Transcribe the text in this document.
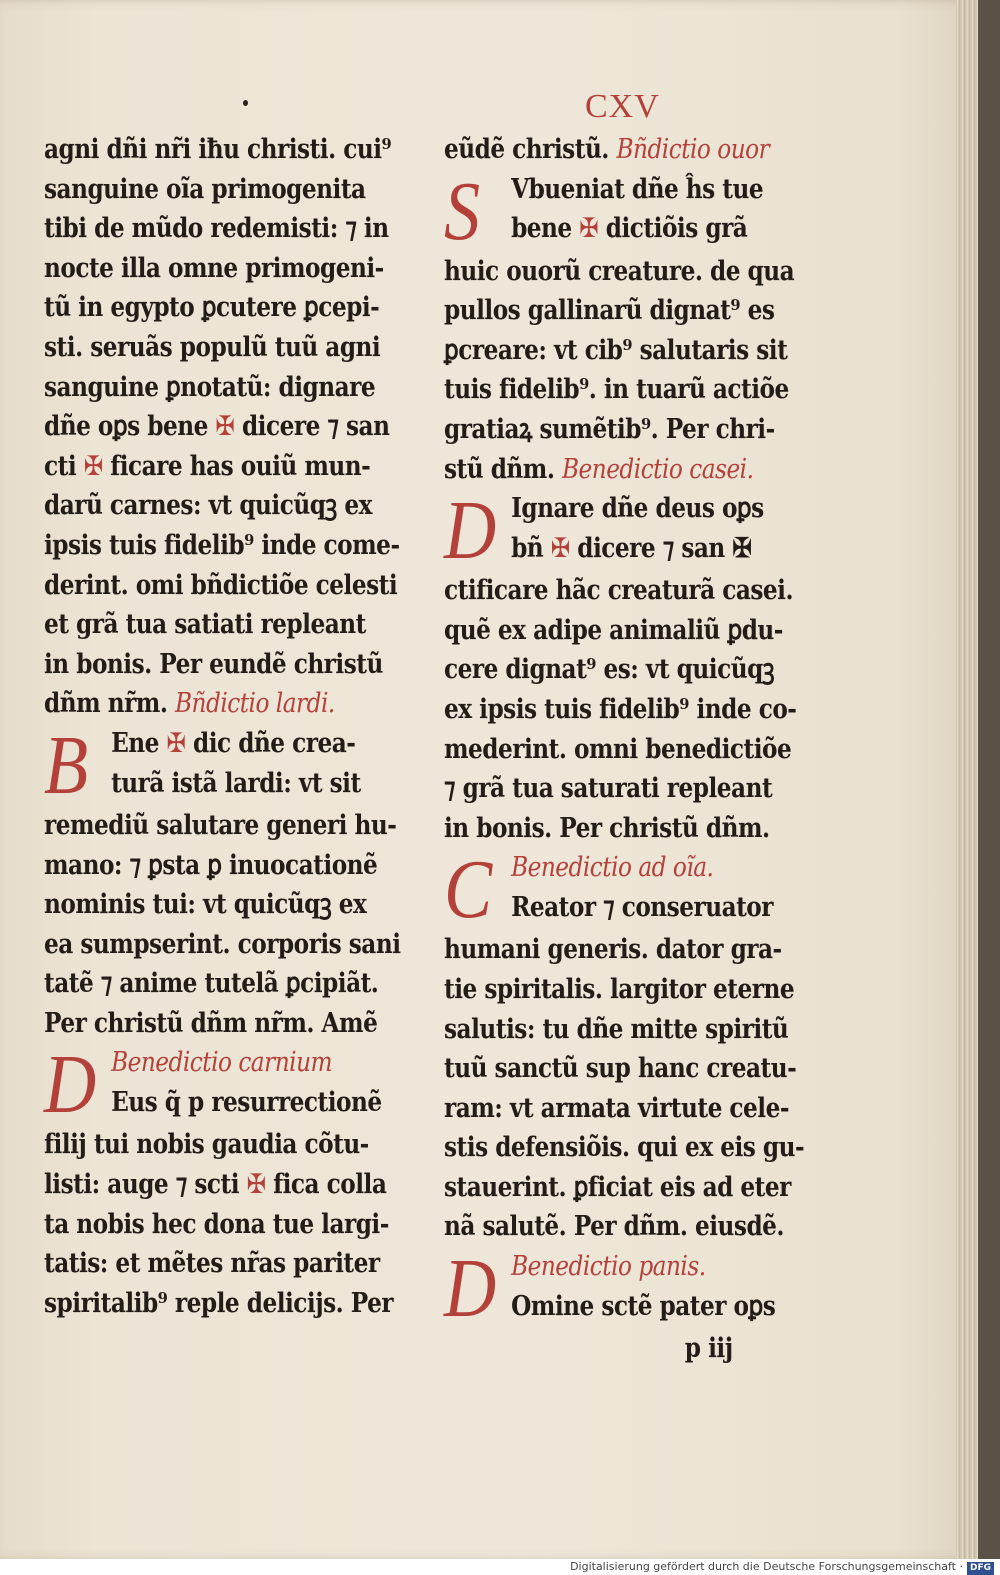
CXV
agni dñi nr̃i iħu christi. cui⁹
sanguine oĩa primogenita
tibi de mũdo redemisti: ⁊ in
nocte illa omne primogeni-
tũ in egypto ꝑcutere ꝑcepi-
sti. seruãs populũ tuũ agni
sanguine ꝑnotatũ: dignare
dñe oꝑs bene ✠ dicere ⁊ san
cti ✠ ficare has ouiũ mun-
darũ carnes: vt quicũqꝫ ex
ipsis tuis fidelib⁹ inde come-
derint. omi bñdictiõe celesti
et grã tua satiati repleant
in bonis. Per eundẽ christũ
dñm nr̃m. Bñdictio lardi.
B Ene ✠ dic dñe crea-
turã istã lardi: vt sit
remediũ salutare generi hu-
mano: ⁊ ꝑsta ꝑ inuocationẽ
nominis tui: vt quicũqꝫ ex
ea sumpserint. corporis sani
tatẽ ⁊ anime tutelã ꝑcipiãt.
Per christũ dñm nr̃m. Amẽ
D Benedictio carnium
Eus q̃ p resurrectionẽ
filij tui nobis gaudia cõtu-
listi: auge ⁊ scti ✠ fica colla
ta nobis hec dona tue largi-
tatis: et mẽtes nr̃as pariter
spiritalib⁹ reple delicijs. Per
eũdẽ christũ. Bñdictio ouor
S	Vbueniat dñe ĥs tue
bene ✠ dictiõis grã
huic ouorũ creature. de qua
pullos gallinarũ dignat⁹ es
ꝑcreare: vt cib⁹ salutaris sit
tuis fidelib⁹. in tuarũ actiõe
gratiaꝝ sumẽtib⁹. Per chri-
stũ dñm. Benedictio casei.
D Ignare dñe deus oꝑs
bñ ✠ dicere ⁊ san ✠
ctificare hãc creaturã casei.
quẽ ex adipe animaliũ ꝑdu-
cere dignat⁹ es: vt quicũqꝫ
ex ipsis tuis fidelib⁹ inde co-
mederint. omni benedictiõe
⁊ grã tua saturati repleant
in bonis. Per christũ dñm.
C Benedictio ad oĩa.
Reator ⁊ conseruator
humani generis. dator gra-
tie spiritalis. largitor eterne
salutis: tu dñe mitte spiritũ
tuũ sanctũ sup hanc creatu-
ram: vt armata virtute cele-
stis defensiõis. qui ex eis gu-
stauerint. ꝑficiat eis ad eter
nã salutẽ. Per dñm. eiusdẽ.
D Benedictio panis.
Omine sctẽ pater oꝑs
p iij
Digitalisierung gefördert durch die Deutsche Forschungsgemeinschaft · DFG
